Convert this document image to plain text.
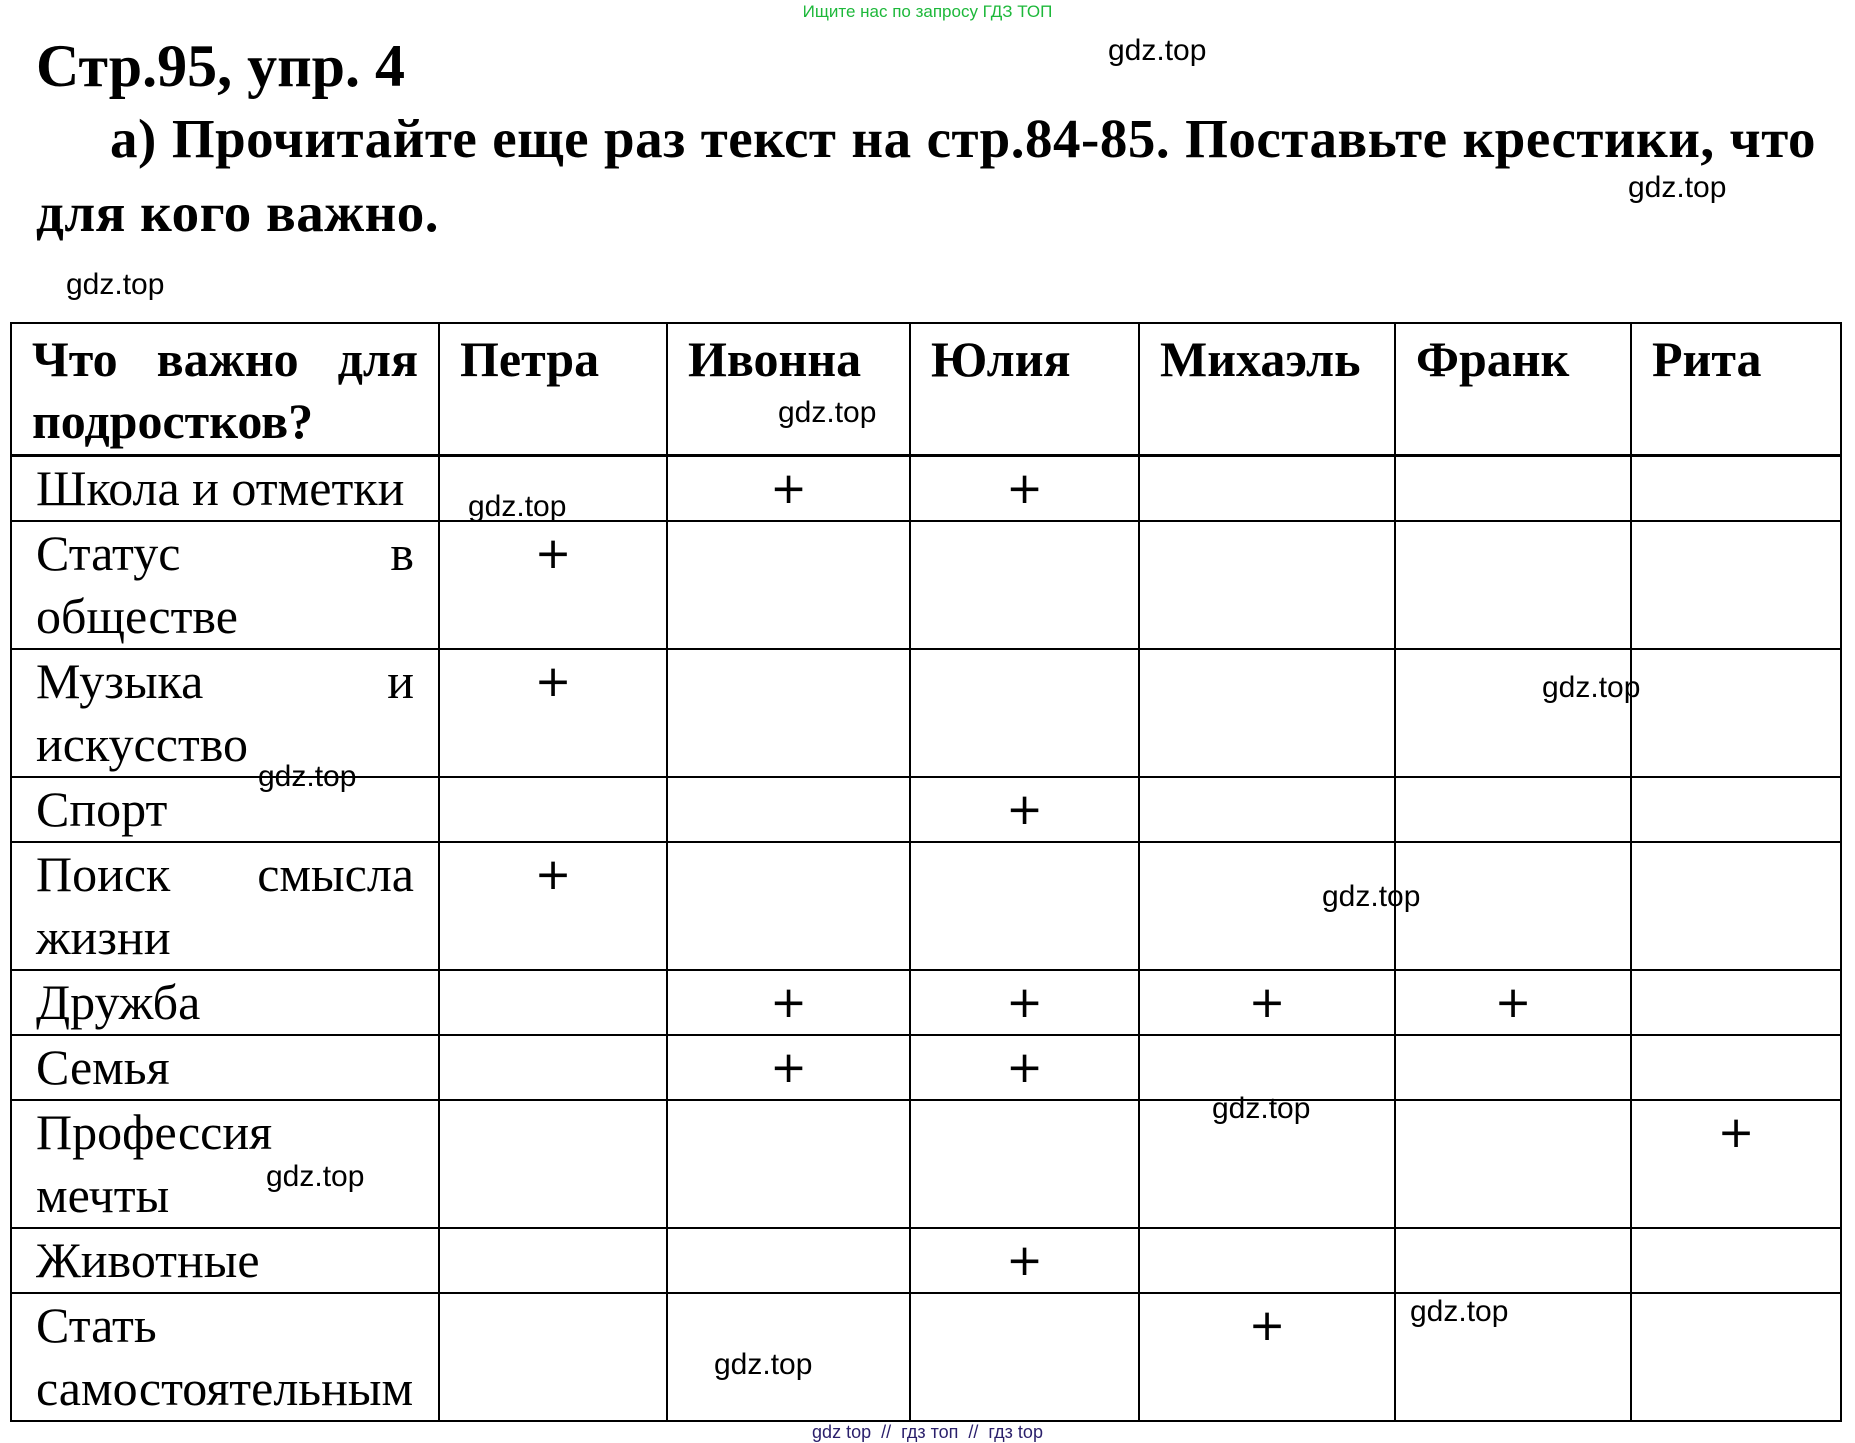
Ищите нас по запросу ГДЗ ТОП
Стр.95, упр. 4

а) Прочитайте еще раз текст на стр.84-85. Поставьте крестики, что для кого важно.

Что важно для подростков?	Петра	Ивонна	Юлия	Михаэль	Франк	Рита
Школа и отметки		+	+			
Статус в обществе	+					
Музыка и искусство	+					
Спорт			+			
Поиск смысла жизни	+					
Дружба		+	+	+	+	
Семья		+	+			
Профессия мечты						+
Животные			+			
Стать самостоятельным				+		
gdz.top
gdz.top
gdz.top
gdz.top
gdz.top
gdz.top
gdz.top
gdz.top
gdz.top
gdz.top
gdz.top
gdz.top
gdz top  //  гдз топ  //  гдз top
